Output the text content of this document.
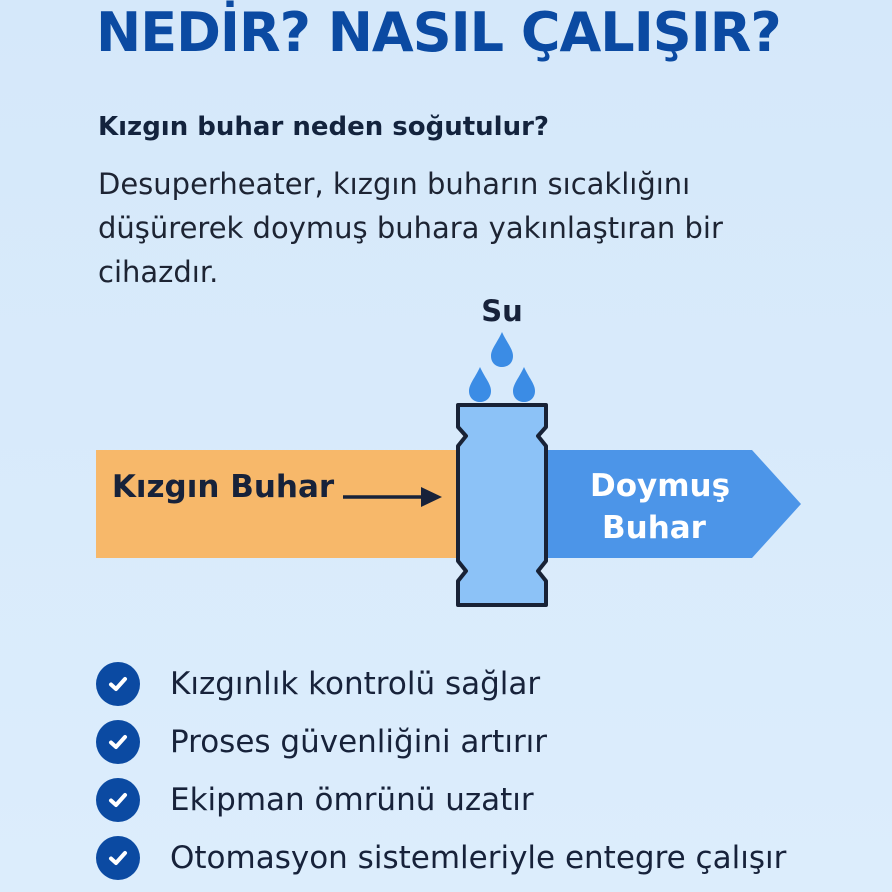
NEDİR? NASIL ÇALIŞIR?
Kızgın buhar neden soğutulur?

Desuperheater, kızgın buharın sıcaklığını düşürerek doymuş buhara yakınlaştıran bir cihazdır.

Su
Kızgın Buhar	Doymuş
Buhar
Kızgınlık kontrolü sağlar
Proses güvenliğini artırır
Ekipman ömrünü uzatır
Otomasyon sistemleriyle entegre çalışır
